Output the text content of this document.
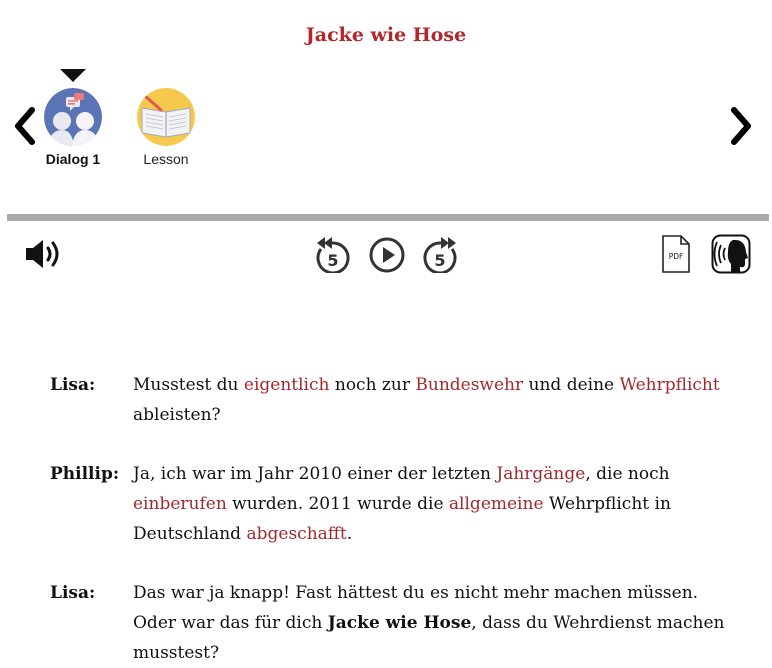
Jacke wie Hose
Dialog 1	Lesson
5	5	PDF
Lisa:	Musstest du eigentlich noch zur Bundeswehr und deine Wehrpflicht ableisten?
Phillip: Ja, ich war im Jahr 2010 einer der letzten Jahrgänge, die noch einberufen wurden. 2011 wurde die allgemeine Wehrpflicht in Deutschland abgeschafft.
Lisa:	Das war ja knapp! Fast hättest du es nicht mehr machen müssen. Oder war das für dich Jacke wie Hose, dass du Wehrdienst machen musstest?
